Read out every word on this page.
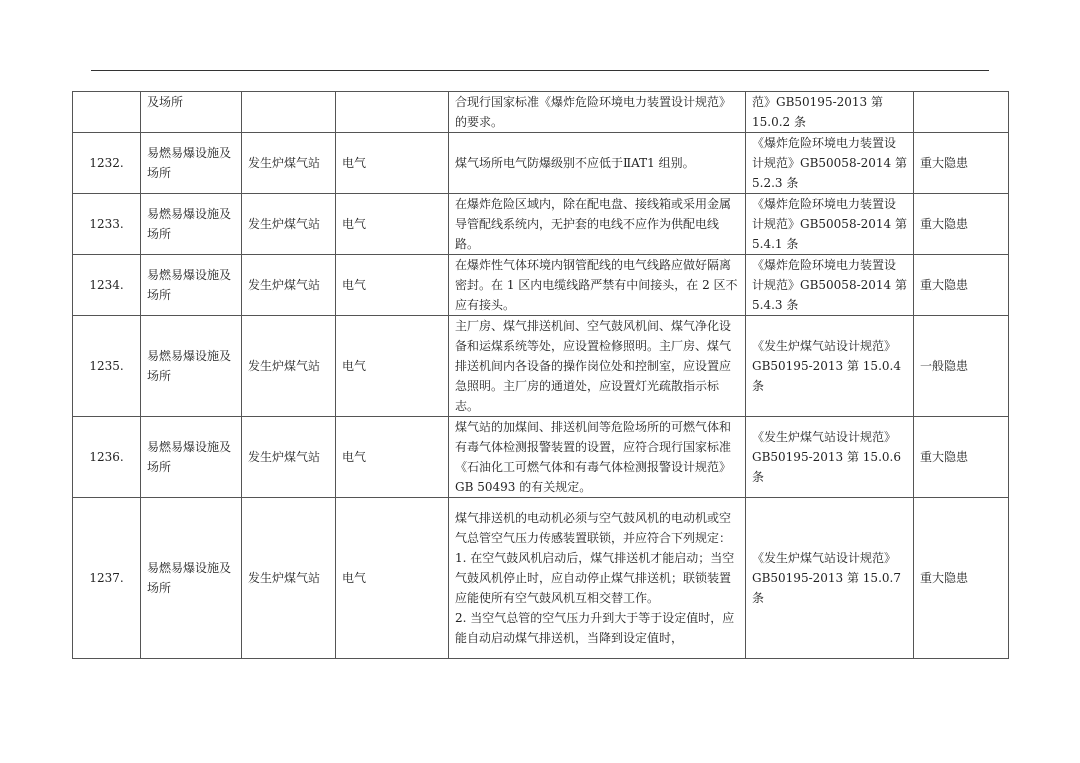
	及场所			合现行国家标准《爆炸危险环境电力装置设计规范》的要求。	范》GB50195-2013 第 15.0.2 条	
1232.	易燃易爆设施及场所	发生炉煤气站	电气	煤气场所电气防爆级别不应低于ⅡAT1 组别。	《爆炸危险环境电力装置设计规范》GB50058-2014 第 5.2.3 条	重大隐患
1233.	易燃易爆设施及场所	发生炉煤气站	电气	在爆炸危险区域内，除在配电盘、接线箱或采用金属导管配线系统内，无护套的电线不应作为供配电线路。	《爆炸危险环境电力装置设计规范》GB50058-2014 第 5.4.1 条	重大隐患
1234.	易燃易爆设施及场所	发生炉煤气站	电气	在爆炸性气体环境内钢管配线的电气线路应做好隔离密封。在 1 区内电缆线路严禁有中间接头，在 2 区不应有接头。	《爆炸危险环境电力装置设计规范》GB50058-2014 第 5.4.3 条	重大隐患
1235.	易燃易爆设施及场所	发生炉煤气站	电气	主厂房、煤气排送机间、空气鼓风机间、煤气净化设备和运煤系统等处，应设置检修照明。主厂房、煤气排送机间内各设备的操作岗位处和控制室，应设置应急照明。主厂房的通道处，应设置灯光疏散指示标志。	《发生炉煤气站设计规范》GB50195-2013 第 15.0.4 条	一般隐患
1236.	易燃易爆设施及场所	发生炉煤气站	电气	煤气站的加煤间、排送机间等危险场所的可燃气体和有毒气体检测报警装置的设置，应符合现行国家标准《石油化工可燃气体和有毒气体检测报警设计规范》GB 50493 的有关规定。	《发生炉煤气站设计规范》GB50195-2013 第 15.0.6 条	重大隐患
1237.	易燃易爆设施及场所	发生炉煤气站	电气	煤气排送机的电动机必须与空气鼓风机的电动机或空气总管空气压力传感装置联锁，并应符合下列规定：
1. 在空气鼓风机启动后，煤气排送机才能启动；当空气鼓风机停止时，应自动停止煤气排送机；联锁装置应能使所有空气鼓风机互相交替工作。
2. 当空气总管的空气压力升到大于等于设定值时，应能自动启动煤气排送机，当降到设定值时，	《发生炉煤气站设计规范》GB50195-2013 第 15.0.7 条	重大隐患
